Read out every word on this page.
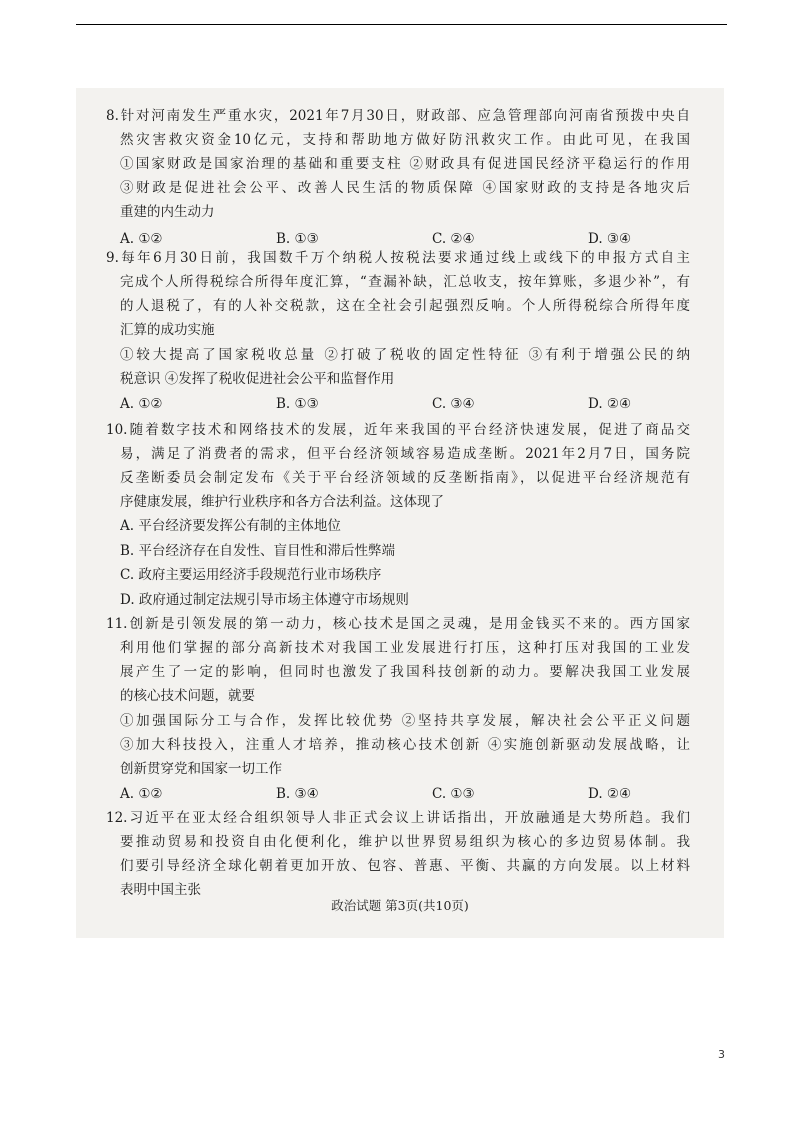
8.针对河南发生严重水灾，2021年7月30日，财政部、应急管理部向河南省预拨中央自
然灾害救灾资金10亿元，支持和帮助地方做好防汛救灾工作。由此可见，在我国
①国家财政是国家治理的基础和重要支柱 ②财政具有促进国民经济平稳运行的作用
③财政是促进社会公平、改善人民生活的物质保障 ④国家财政的支持是各地灾后
重建的内生动力
A. ①②	B. ①③	C. ②④	D. ③④
9.每年6月30日前，我国数千万个纳税人按税法要求通过线上或线下的申报方式自主
完成个人所得税综合所得年度汇算，“查漏补缺，汇总收支，按年算账，多退少补”，有
的人退税了，有的人补交税款，这在全社会引起强烈反响。个人所得税综合所得年度
汇算的成功实施
①较大提高了国家税收总量 ②打破了税收的固定性特征 ③有利于增强公民的纳
税意识 ④发挥了税收促进社会公平和监督作用
A. ①②	B. ①③	C. ③④	D. ②④
10.随着数字技术和网络技术的发展，近年来我国的平台经济快速发展，促进了商品交
易，满足了消费者的需求，但平台经济领域容易造成垄断。2021年2月7日，国务院
反垄断委员会制定发布《关于平台经济领域的反垄断指南》，以促进平台经济规范有
序健康发展，维护行业秩序和各方合法利益。这体现了
A. 平台经济要发挥公有制的主体地位
B. 平台经济存在自发性、盲目性和滞后性弊端
C. 政府主要运用经济手段规范行业市场秩序
D. 政府通过制定法规引导市场主体遵守市场规则
11.创新是引领发展的第一动力，核心技术是国之灵魂，是用金钱买不来的。西方国家
利用他们掌握的部分高新技术对我国工业发展进行打压，这种打压对我国的工业发
展产生了一定的影响，但同时也激发了我国科技创新的动力。要解决我国工业发展
的核心技术问题，就要
①加强国际分工与合作，发挥比较优势 ②坚持共享发展，解决社会公平正义问题
③加大科技投入，注重人才培养，推动核心技术创新 ④实施创新驱动发展战略，让
创新贯穿党和国家一切工作
A. ①②	B. ③④	C. ①③	D. ②④
12.习近平在亚太经合组织领导人非正式会议上讲话指出，开放融通是大势所趋。我们
要推动贸易和投资自由化便利化，维护以世界贸易组织为核心的多边贸易体制。我
们要引导经济全球化朝着更加开放、包容、普惠、平衡、共赢的方向发展。以上材料
表明中国主张
政治试题 第3页(共10页)
3
